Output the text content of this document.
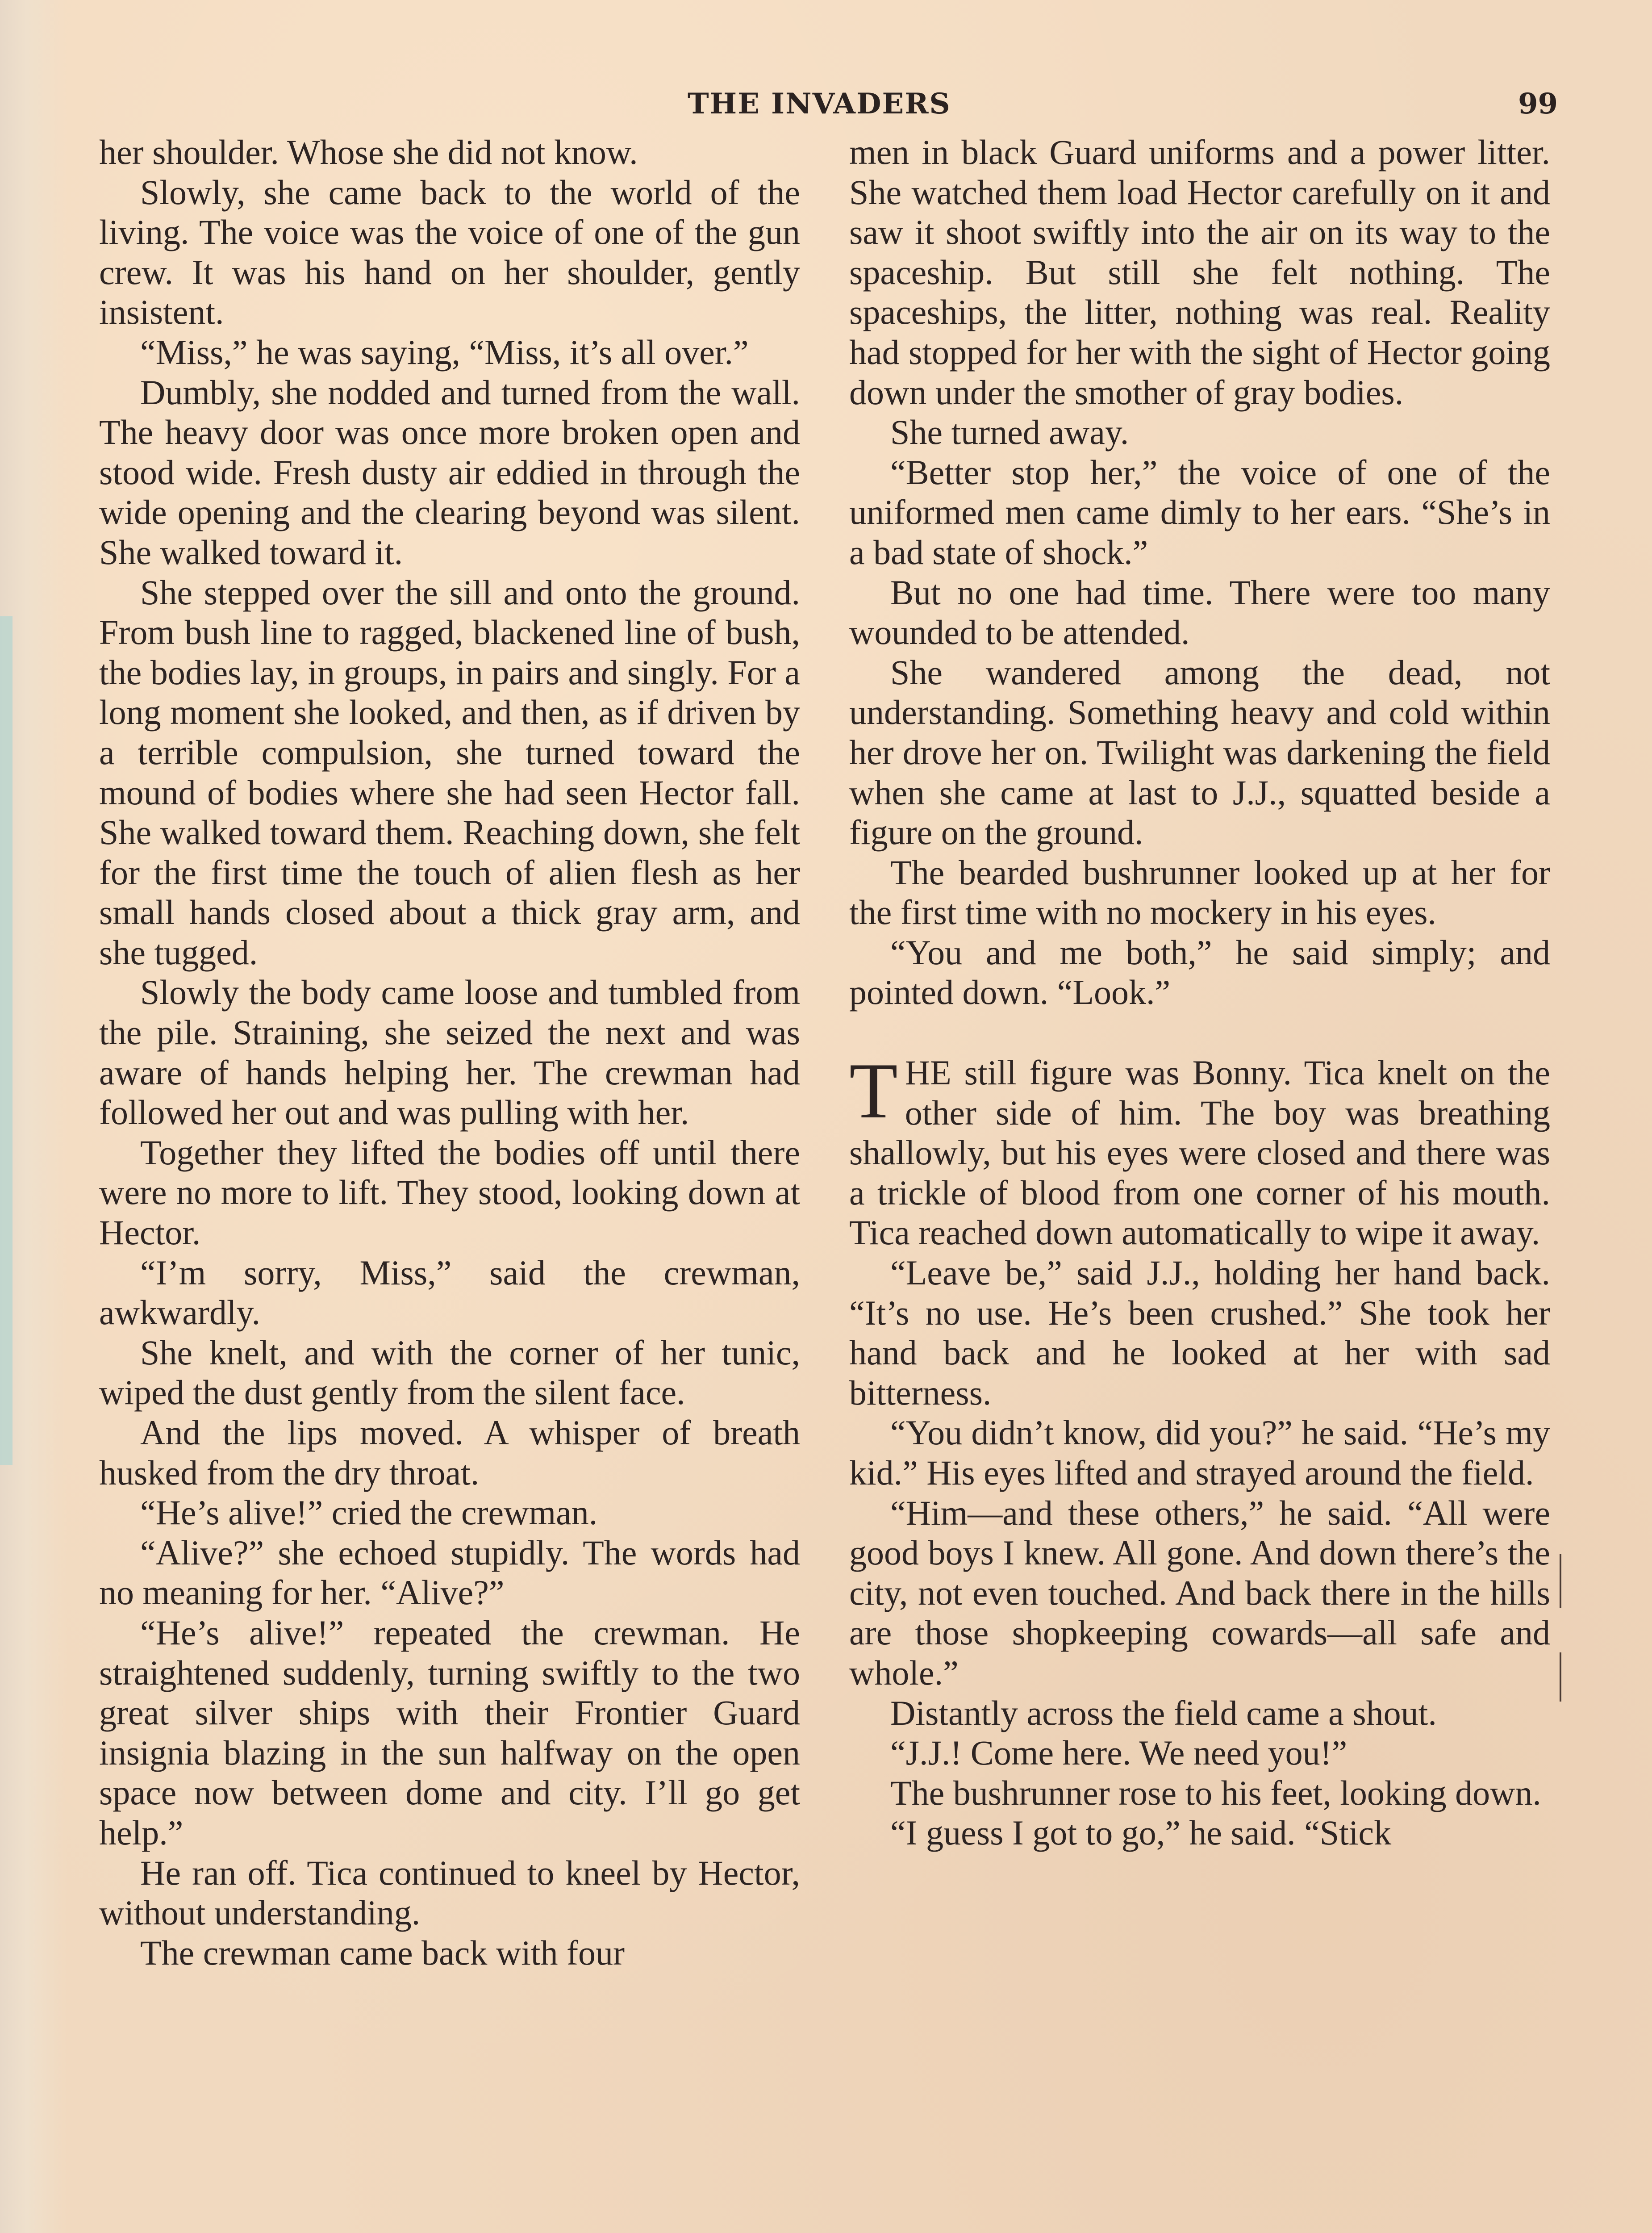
THE INVADERS	99

her shoulder. Whose she did not know.

Slowly, she came back to the world of the living. The voice was the voice of one of the gun crew. It was his hand on her shoulder, gently insistent.

“Miss,” he was saying, “Miss, it’s all over.”

Dumbly, she nodded and turned from the wall. The heavy door was once more broken open and stood wide. Fresh dusty air eddied in through the wide opening and the clearing beyond was silent. She walked toward it.

She stepped over the sill and onto the ground. From bush line to ragged, blackened line of bush, the bodies lay, in groups, in pairs and singly. For a long moment she looked, and then, as if driven by a terrible compulsion, she turned toward the mound of bodies where she had seen Hector fall. She walked toward them. Reaching down, she felt for the first time the touch of alien flesh as her small hands closed about a thick gray arm, and she tugged.

Slowly the body came loose and tumbled from the pile. Straining, she seized the next and was aware of hands helping her. The crewman had followed her out and was pulling with her.

Together they lifted the bodies off until there were no more to lift. They stood, looking down at Hector.

“I’m sorry, Miss,” said the crewman, awkwardly.

She knelt, and with the corner of her tunic, wiped the dust gently from the silent face.

And the lips moved. A whisper of breath husked from the dry throat.

“He’s alive!” cried the crewman.

“Alive?” she echoed stupidly. The words had no meaning for her. “Alive?”

“He’s alive!” repeated the crewman. He straightened suddenly, turning swiftly to the two great silver ships with their Frontier Guard insignia blazing in the sun halfway on the open space now between dome and city. I’ll go get help.”

He ran off. Tica continued to kneel by Hector, without understanding.

The crewman came back with four

men in black Guard uniforms and a power litter. She watched them load Hector carefully on it and saw it shoot swiftly into the air on its way to the spaceship. But still she felt nothing. The spaceships, the litter, nothing was real. Reality had stopped for her with the sight of Hector going down under the smother of gray bodies.

She turned away.

“Better stop her,” the voice of one of the uniformed men came dimly to her ears. “She’s in a bad state of shock.”

But no one had time. There were too many wounded to be attended.

She wandered among the dead, not understanding. Something heavy and cold within her drove her on. Twilight was darkening the field when she came at last to J.J., squatted beside a figure on the ground.

The bearded bushrunner looked up at her for the first time with no mockery in his eyes.

“You and me both,” he said simply; and pointed down. “Look.”

THE still figure was Bonny. Tica knelt on the other side of him. The boy was breathing shallowly, but his eyes were closed and there was a trickle of blood from one corner of his mouth. Tica reached down automatically to wipe it away.

“Leave be,” said J.J., holding her hand back. “It’s no use. He’s been crushed.” She took her hand back and he looked at her with sad bitterness.

“You didn’t know, did you?” he said. “He’s my kid.” His eyes lifted and strayed around the field.

“Him—and these others,” he said. “All were good boys I knew. All gone. And down there’s the city, not even touched. And back there in the hills are those shopkeeping cowards—all safe and whole.”

Distantly across the field came a shout.

“J.J.! Come here. We need you!”

The bushrunner rose to his feet, looking down.

“I guess I got to go,” he said. “Stick
